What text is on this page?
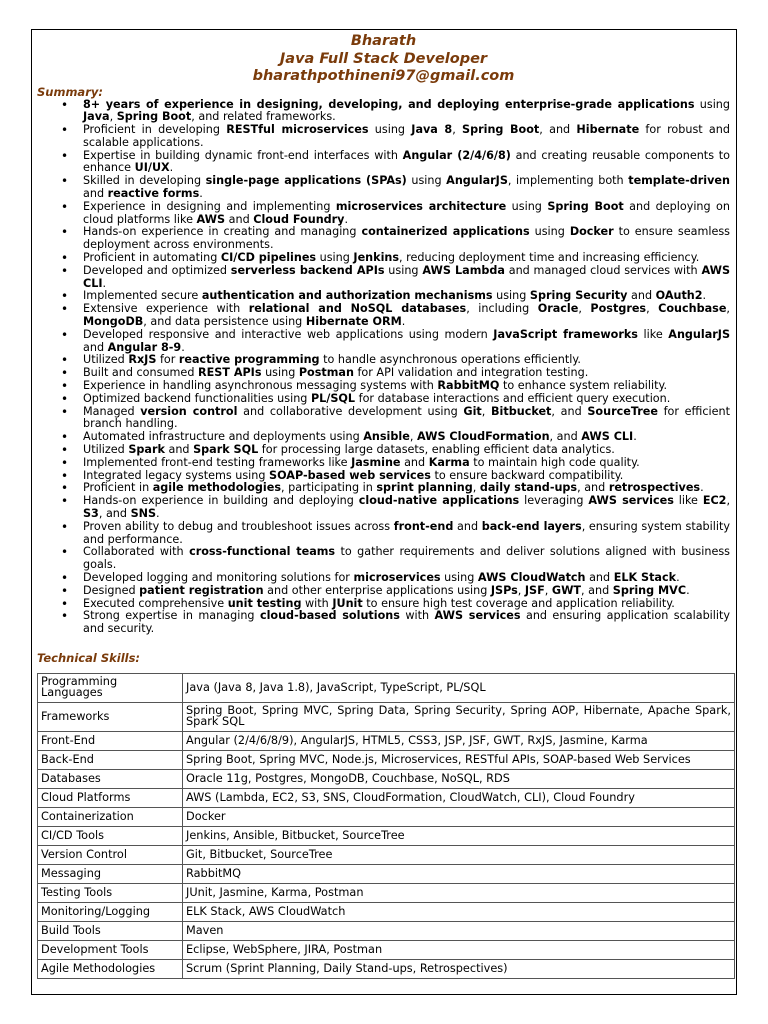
Bharath
Java Full Stack Developer
bharathpothineni97@gmail.com
Summary:
• 8+ years of experience in designing, developing, and deploying enterprise-grade applications using Java, Spring Boot, and related frameworks.
• Proficient in developing RESTful microservices using Java 8, Spring Boot, and Hibernate for robust and scalable applications.
• Expertise in building dynamic front-end interfaces with Angular (2/4/6/8) and creating reusable components to enhance UI/UX.
• Skilled in developing single-page applications (SPAs) using AngularJS, implementing both template-driven and reactive forms.
• Experience in designing and implementing microservices architecture using Spring Boot and deploying on cloud platforms like AWS and Cloud Foundry.
• Hands-on experience in creating and managing containerized applications using Docker to ensure seamless deployment across environments.
• Proficient in automating CI/CD pipelines using Jenkins, reducing deployment time and increasing efficiency.
• Developed and optimized serverless backend APIs using AWS Lambda and managed cloud services with AWS CLI.
• Implemented secure authentication and authorization mechanisms using Spring Security and OAuth2.
• Extensive experience with relational and NoSQL databases, including Oracle, Postgres, Couchbase, MongoDB, and data persistence using Hibernate ORM.
• Developed responsive and interactive web applications using modern JavaScript frameworks like AngularJS and Angular 8-9.
• Utilized RxJS for reactive programming to handle asynchronous operations efficiently.
• Built and consumed REST APIs using Postman for API validation and integration testing.
• Experience in handling asynchronous messaging systems with RabbitMQ to enhance system reliability.
• Optimized backend functionalities using PL/SQL for database interactions and efficient query execution.
• Managed version control and collaborative development using Git, Bitbucket, and SourceTree for efficient branch handling.
• Automated infrastructure and deployments using Ansible, AWS CloudFormation, and AWS CLI.
• Utilized Spark and Spark SQL for processing large datasets, enabling efficient data analytics.
• Implemented front-end testing frameworks like Jasmine and Karma to maintain high code quality.
• Integrated legacy systems using SOAP-based web services to ensure backward compatibility.
• Proficient in agile methodologies, participating in sprint planning, daily stand-ups, and retrospectives.
• Hands-on experience in building and deploying cloud-native applications leveraging AWS services like EC2, S3, and SNS.
• Proven ability to debug and troubleshoot issues across front-end and back-end layers, ensuring system stability and performance.
• Collaborated with cross-functional teams to gather requirements and deliver solutions aligned with business goals.
• Developed logging and monitoring solutions for microservices using AWS CloudWatch and ELK Stack.
• Designed patient registration and other enterprise applications using JSPs, JSF, GWT, and Spring MVC.
• Executed comprehensive unit testing with JUnit to ensure high test coverage and application reliability.
• Strong expertise in managing cloud-based solutions with AWS services and ensuring application scalability and security.
Technical Skills:
Programming Languages	Java (Java 8, Java 1.8), JavaScript, TypeScript, PL/SQL
Frameworks	Spring Boot, Spring MVC, Spring Data, Spring Security, Spring AOP, Hibernate, Apache Spark, Spark SQL
Front-End	Angular (2/4/6/8/9), AngularJS, HTML5, CSS3, JSP, JSF, GWT, RxJS, Jasmine, Karma
Back-End	Spring Boot, Spring MVC, Node.js, Microservices, RESTful APIs, SOAP-based Web Services
Databases	Oracle 11g, Postgres, MongoDB, Couchbase, NoSQL, RDS
Cloud Platforms	AWS (Lambda, EC2, S3, SNS, CloudFormation, CloudWatch, CLI), Cloud Foundry
Containerization	Docker
CI/CD Tools	Jenkins, Ansible, Bitbucket, SourceTree
Version Control	Git, Bitbucket, SourceTree
Messaging	RabbitMQ
Testing Tools	JUnit, Jasmine, Karma, Postman
Monitoring/Logging	ELK Stack, AWS CloudWatch
Build Tools	Maven
Development Tools	Eclipse, WebSphere, JIRA, Postman
Agile Methodologies	Scrum (Sprint Planning, Daily Stand-ups, Retrospectives)
